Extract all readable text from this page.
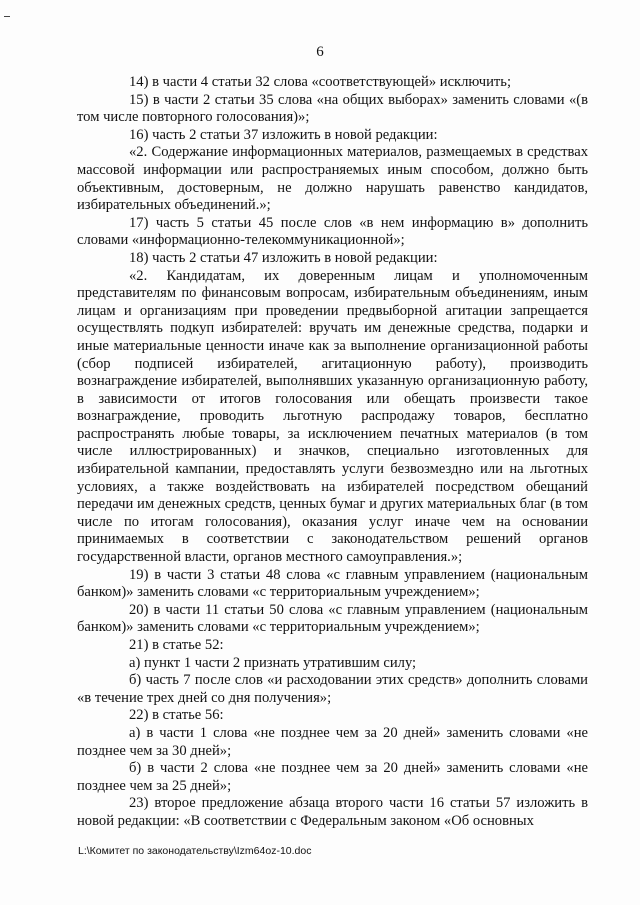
6

14) в части 4 статьи 32 слова «соответствующей» исключить;

15) в части 2 статьи 35 слова «на общих выборах» заменить словами «(в том числе повторного голосования)»;

16) часть 2 статьи 37 изложить в новой редакции:

«2. Содержание информационных материалов, размещаемых в средствах массовой информации или распространяемых иным способом, должно быть объективным, достоверным, не должно нарушать равенство кандидатов, избирательных объединений.»;

17) часть 5 статьи 45 после слов «в нем информацию в» дополнить словами «информационно-телекоммуникационной»;

18) часть 2 статьи 47 изложить в новой редакции:

«2. Кандидатам, их доверенным лицам и уполномоченным представителям по финансовым вопросам, избирательным объединениям, иным лицам и организациям при проведении предвыборной агитации запрещается осуществлять подкуп избирателей: вручать им денежные средства, подарки и иные материальные ценности иначе как за выполнение организационной работы (сбор подписей избирателей, агитационную работу), производить вознаграждение избирателей, выполнявших указанную организационную работу, в зависимости от итогов голосования или обещать произвести такое вознаграждение, проводить льготную распродажу товаров, бесплатно распространять любые товары, за исключением печатных материалов (в том числе иллюстрированных) и значков, специально изготовленных для избирательной кампании, предоставлять услуги безвозмездно или на льготных условиях, а также воздействовать на избирателей посредством обещаний передачи им денежных средств, ценных бумаг и других материальных благ (в том числе по итогам голосования), оказания услуг иначе чем на основании принимаемых в соответствии с законодательством решений органов государственной власти, органов местного самоуправления.»;

19) в части 3 статьи 48 слова «с главным управлением (национальным банком)» заменить словами «с территориальным учреждением»;

20) в части 11 статьи 50 слова «с главным управлением (национальным банком)» заменить словами «с территориальным учреждением»;

21) в статье 52:

а) пункт 1 части 2 признать утратившим силу;

б) часть 7 после слов «и расходовании этих средств» дополнить словами «в течение трех дней со дня получения»;

22) в статье 56:

а) в части 1 слова «не позднее чем за 20 дней» заменить словами «не позднее чем за 30 дней»;

б) в части 2 слова «не позднее чем за 20 дней» заменить словами «не позднее чем за 25 дней»;

23) второе предложение абзаца второго части 16 статьи 57 изложить в новой редакции: «В соответствии с Федеральным законом «Об основных

L:\Комитет по законодательству\Izm64oz-10.doc
